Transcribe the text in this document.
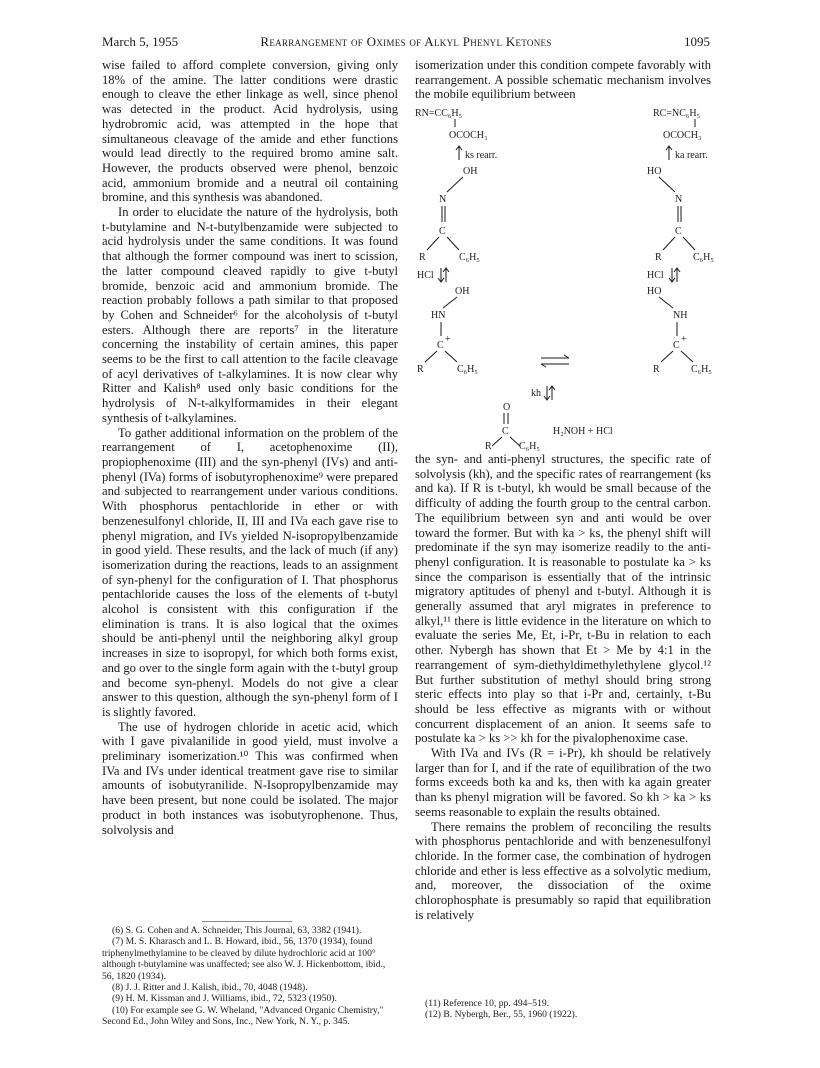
March 5, 1955	Rearrangement of Oximes of Alkyl Phenyl Ketones	1095

wise failed to afford complete conversion, giving only 18% of the amine. The latter conditions were drastic enough to cleave the ether linkage as well, since phenol was detected in the product. Acid hydrolysis, using hydrobromic acid, was attempted in the hope that simultaneous cleavage of the amide and ether functions would lead directly to the required bromo amine salt. However, the products observed were phenol, benzoic acid, ammonium bromide and a neutral oil containing bromine, and this synthesis was abandoned.

In order to elucidate the nature of the hydrolysis, both t-butylamine and N-t-butylbenzamide were subjected to acid hydrolysis under the same conditions. It was found that although the former compound was inert to scission, the latter compound cleaved rapidly to give t-butyl bromide, benzoic acid and ammonium bromide. The reaction probably follows a path similar to that proposed by Cohen and Schneider⁶ for the alcoholysis of t-butyl esters. Although there are reports⁷ in the literature concerning the instability of certain amines, this paper seems to be the first to call attention to the facile cleavage of acyl derivatives of t-alkylamines. It is now clear why Ritter and Kalish⁸ used only basic conditions for the hydrolysis of N-t-alkylformamides in their elegant synthesis of t-alkylamines.

To gather additional information on the problem of the rearrangement of I, acetophenoxime (II), propiophenoxime (III) and the syn-phenyl (IVs) and anti-phenyl (IVa) forms of isobutyrophenoxime⁹ were prepared and subjected to rearrangement under various conditions. With phosphorus pentachloride in ether or with benzenesulfonyl chloride, II, III and IVa each gave rise to phenyl migration, and IVs yielded N-isopropylbenzamide in good yield. These results, and the lack of much (if any) isomerization during the reactions, leads to an assignment of syn-phenyl for the configuration of I. That phosphorus pentachloride causes the loss of the elements of t-butyl alcohol is consistent with this configuration if the elimination is trans. It is also logical that the oximes should be anti-phenyl until the neighboring alkyl group increases in size to isopropyl, for which both forms exist, and go over to the single form again with the t-butyl group and become syn-phenyl. Models do not give a clear answer to this question, although the syn-phenyl form of I is slightly favored.

The use of hydrogen chloride in acetic acid, which with I gave pivalanilide in good yield, must involve a preliminary isomerization.¹⁰ This was confirmed when IVa and IVs under identical treatment gave rise to similar amounts of isobutyranilide. N-Isopropylbenzamide may have been present, but none could be isolated. The major product in both instances was isobutyrophenone. Thus, solvolysis and

(6) S. G. Cohen and A. Schneider, This Journal, 63, 3382 (1941).

(7) M. S. Kharasch and L. B. Howard, ibid., 56, 1370 (1934), found triphenylmethylamine to be cleaved by dilute hydrochloric acid at 100° although t-butylamine was unaffected; see also W. J. Hickenbottom, ibid., 56, 1820 (1934).

(8) J. J. Ritter and J. Kalish, ibid., 70, 4048 (1948).

(9) H. M. Kissman and J. Williams, ibid., 72, 5323 (1950).

(10) For example see G. W. Wheland, "Advanced Organic Chemistry," Second Ed., John Wiley and Sons, Inc., New York, N. Y., p. 345.

isomerization under this condition compete favorably with rearrangement. A possible schematic mechanism involves the mobile equilibrium between

RN=CC₆H₅	RC=NC₆H₅
OCOCH₃	OCOCH₃
ks rearr.	ka rearr.
OH	HO
N	N
C	C
R	C₆H₅	R	C₆H₅
HCl	HCl
OH	HO
HN	NH
C	C
+	+
R	C₆H₅	R	C₆H₅
kh
O
C
R	C₆H₅
H₂NOH + HCl

the syn- and anti-phenyl structures, the specific rate of solvolysis (kh), and the specific rates of rearrangement (ks and ka). If R is t-butyl, kh would be small because of the difficulty of adding the fourth group to the central carbon. The equilibrium between syn and anti would be over toward the former. But with ka > ks, the phenyl shift will predominate if the syn may isomerize readily to the anti-phenyl configuration. It is reasonable to postulate ka > ks since the comparison is essentially that of the intrinsic migratory aptitudes of phenyl and t-butyl. Although it is generally assumed that aryl migrates in preference to alkyl,¹¹ there is little evidence in the literature on which to evaluate the series Me, Et, i-Pr, t-Bu in relation to each other. Nybergh has shown that Et > Me by 4:1 in the rearrangement of sym-diethyldimethylethylene glycol.¹² But further substitution of methyl should bring strong steric effects into play so that i-Pr and, certainly, t-Bu should be less effective as migrants with or without concurrent displacement of an anion. It seems safe to postulate ka > ks >> kh for the pivalophenoxime case.

With IVa and IVs (R = i-Pr), kh should be relatively larger than for I, and if the rate of equilibration of the two forms exceeds both ka and ks, then with ka again greater than ks phenyl migration will be favored. So kh > ka > ks seems reasonable to explain the results obtained.

There remains the problem of reconciling the results with phosphorus pentachloride and with benzenesulfonyl chloride. In the former case, the combination of hydrogen chloride and ether is less effective as a solvolytic medium, and, moreover, the dissociation of the oxime chlorophosphate is presumably so rapid that equilibration is relatively

(11) Reference 10, pp. 494–519.

(12) B. Nybergh, Ber., 55, 1960 (1922).
